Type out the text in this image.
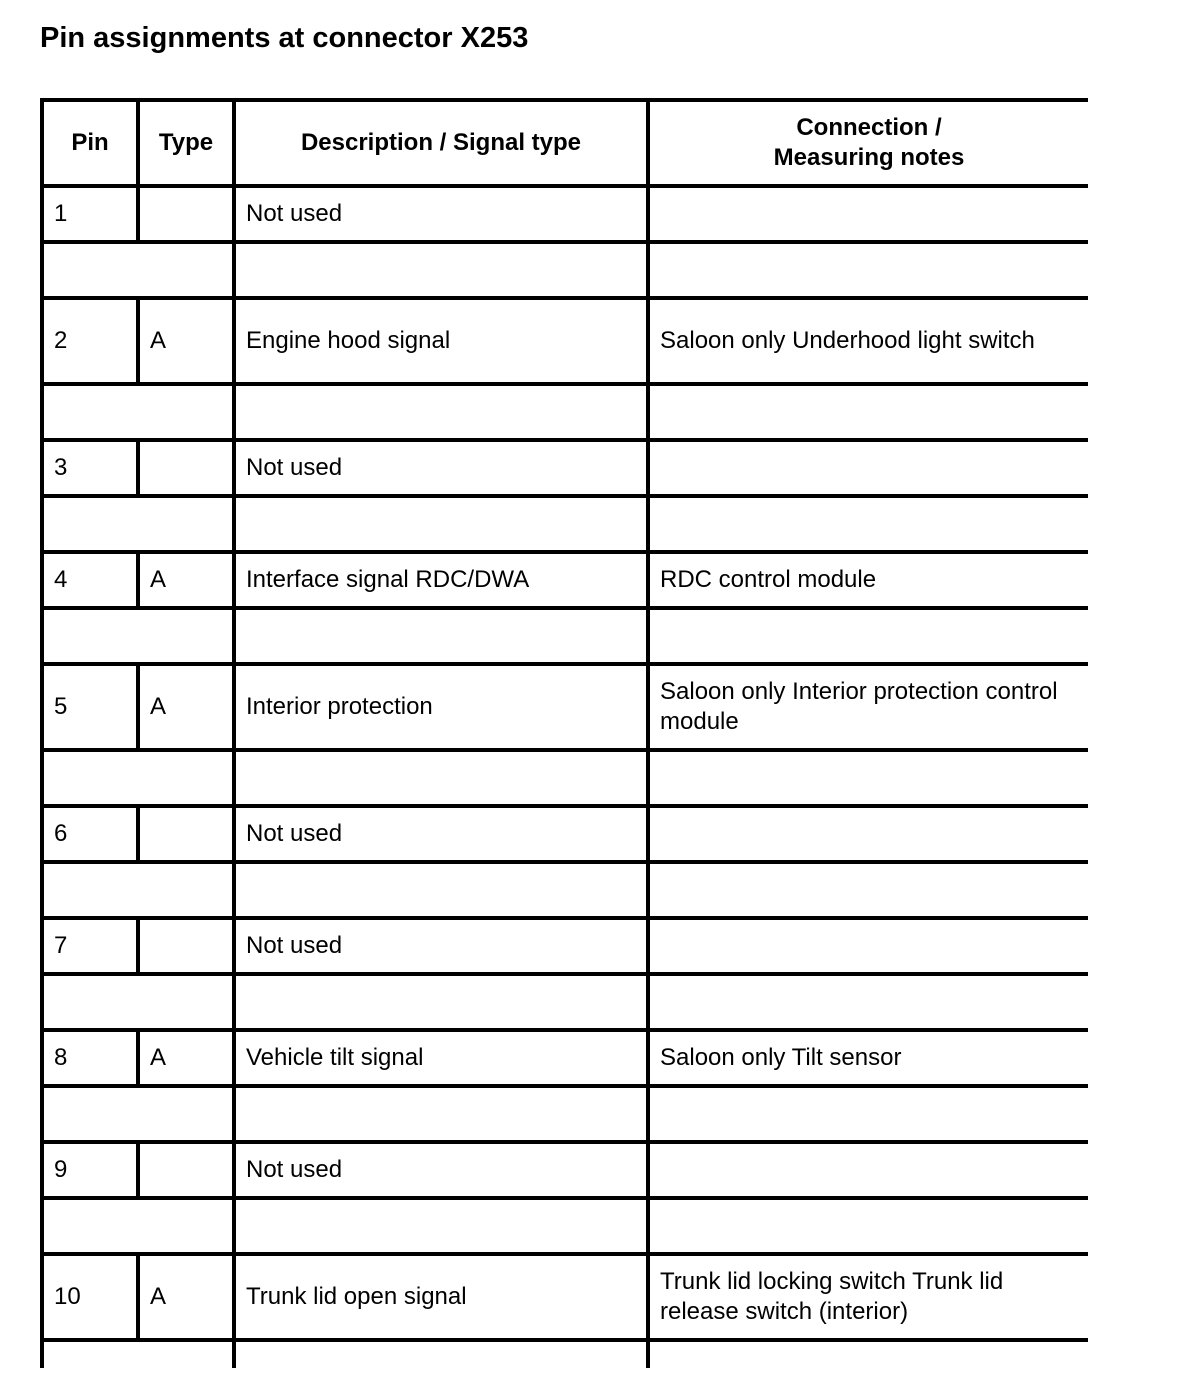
Pin assignments at connector X253
Pin	Type	Description / Signal type	Connection /
Measuring notes

1		Not used	

2	A	Engine hood signal	Saloon only Underhood light switch

3		Not used	

4	A	Interface signal RDC/DWA	RDC control module

5	A	Interior protection	Saloon only Interior protection control module

6		Not used	

7		Not used	

8	A	Vehicle tilt signal	Saloon only Tilt sensor

9		Not used	

10	A	Trunk lid open signal	Trunk lid locking switch Trunk lid release switch (interior)
